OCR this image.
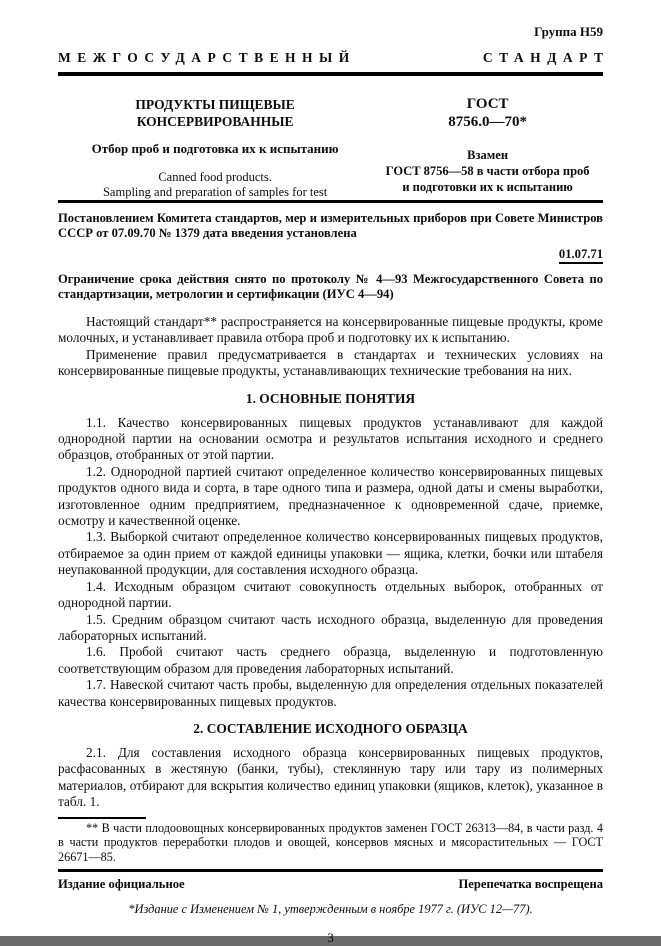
Группа Н59
МЕЖГОСУДАРСТВЕННЫЙ	СТАНДАРТ
ПРОДУКТЫ ПИЩЕВЫЕ КОНСЕРВИРОВАННЫЕ
Отбор проб и подготовка их к испытанию
Canned food products.
Sampling and preparation of samples for test
ГОСТ
8756.0—70*
Взамен
ГОСТ 8756—58 в части отбора проб
и подготовки их к испытанию

Постановлением Комитета стандартов, мер и измерительных приборов при Совете Министров СССР от 07.09.70 № 1379 дата введения установлена

01.07.71

Ограничение срока действия снято по протоколу № 4—93 Межгосударственного Совета по стандартизации, метрологии и сертификации (ИУС 4—94)

Настоящий стандарт** распространяется на консервированные пищевые продукты, кроме молочных, и устанавливает правила отбора проб и подготовку их к испытанию.

Применение правил предусматривается в стандартах и технических условиях на консервированные пищевые продукты, устанавливающих технические требования на них.

1. ОСНОВНЫЕ ПОНЯТИЯ

1.1. Качество консервированных пищевых продуктов устанавливают для каждой однородной партии на основании осмотра и результатов испытания исходного и среднего образцов, отобранных от этой партии.

1.2. Однородной партией считают определенное количество консервированных пищевых продуктов одного вида и сорта, в таре одного типа и размера, одной даты и смены выработки, изготовленное одним предприятием, предназначенное к одновременной сдаче, приемке, осмотру и качественной оценке.

1.3. Выборкой считают определенное количество консервированных пищевых продуктов, отбираемое за один прием от каждой единицы упаковки — ящика, клетки, бочки или штабеля неупакованной продукции, для составления исходного образца.

1.4. Исходным образцом считают совокупность отдельных выборок, отобранных от однородной партии.

1.5. Средним образцом считают часть исходного образца, выделенную для проведения лабораторных испытаний.

1.6. Пробой считают часть среднего образца, выделенную и подготовленную соответствующим образом для проведения лабораторных испытаний.

1.7. Навеской считают часть пробы, выделенную для определения отдельных показателей качества консервированных пищевых продуктов.

2. СОСТАВЛЕНИЕ ИСХОДНОГО ОБРАЗЦА

2.1. Для составления исходного образца консервированных пищевых продуктов, расфасованных в жестяную (банки, тубы), стеклянную тару или тару из полимерных материалов, отбирают для вскрытия количество единиц упаковки (ящиков, клеток), указанное в табл. 1.

** В части плодоовощных консервированных продуктов заменен ГОСТ 26313—84, в части разд. 4 в части продуктов переработки плодов и овощей, консервов мясных и мясорастительных — ГОСТ 26671—85.

Издание официальное	Перепечатка воспрещена
*Издание с Изменением № 1, утвержденным в ноябре 1977 г. (ИУС 12—77).
3
